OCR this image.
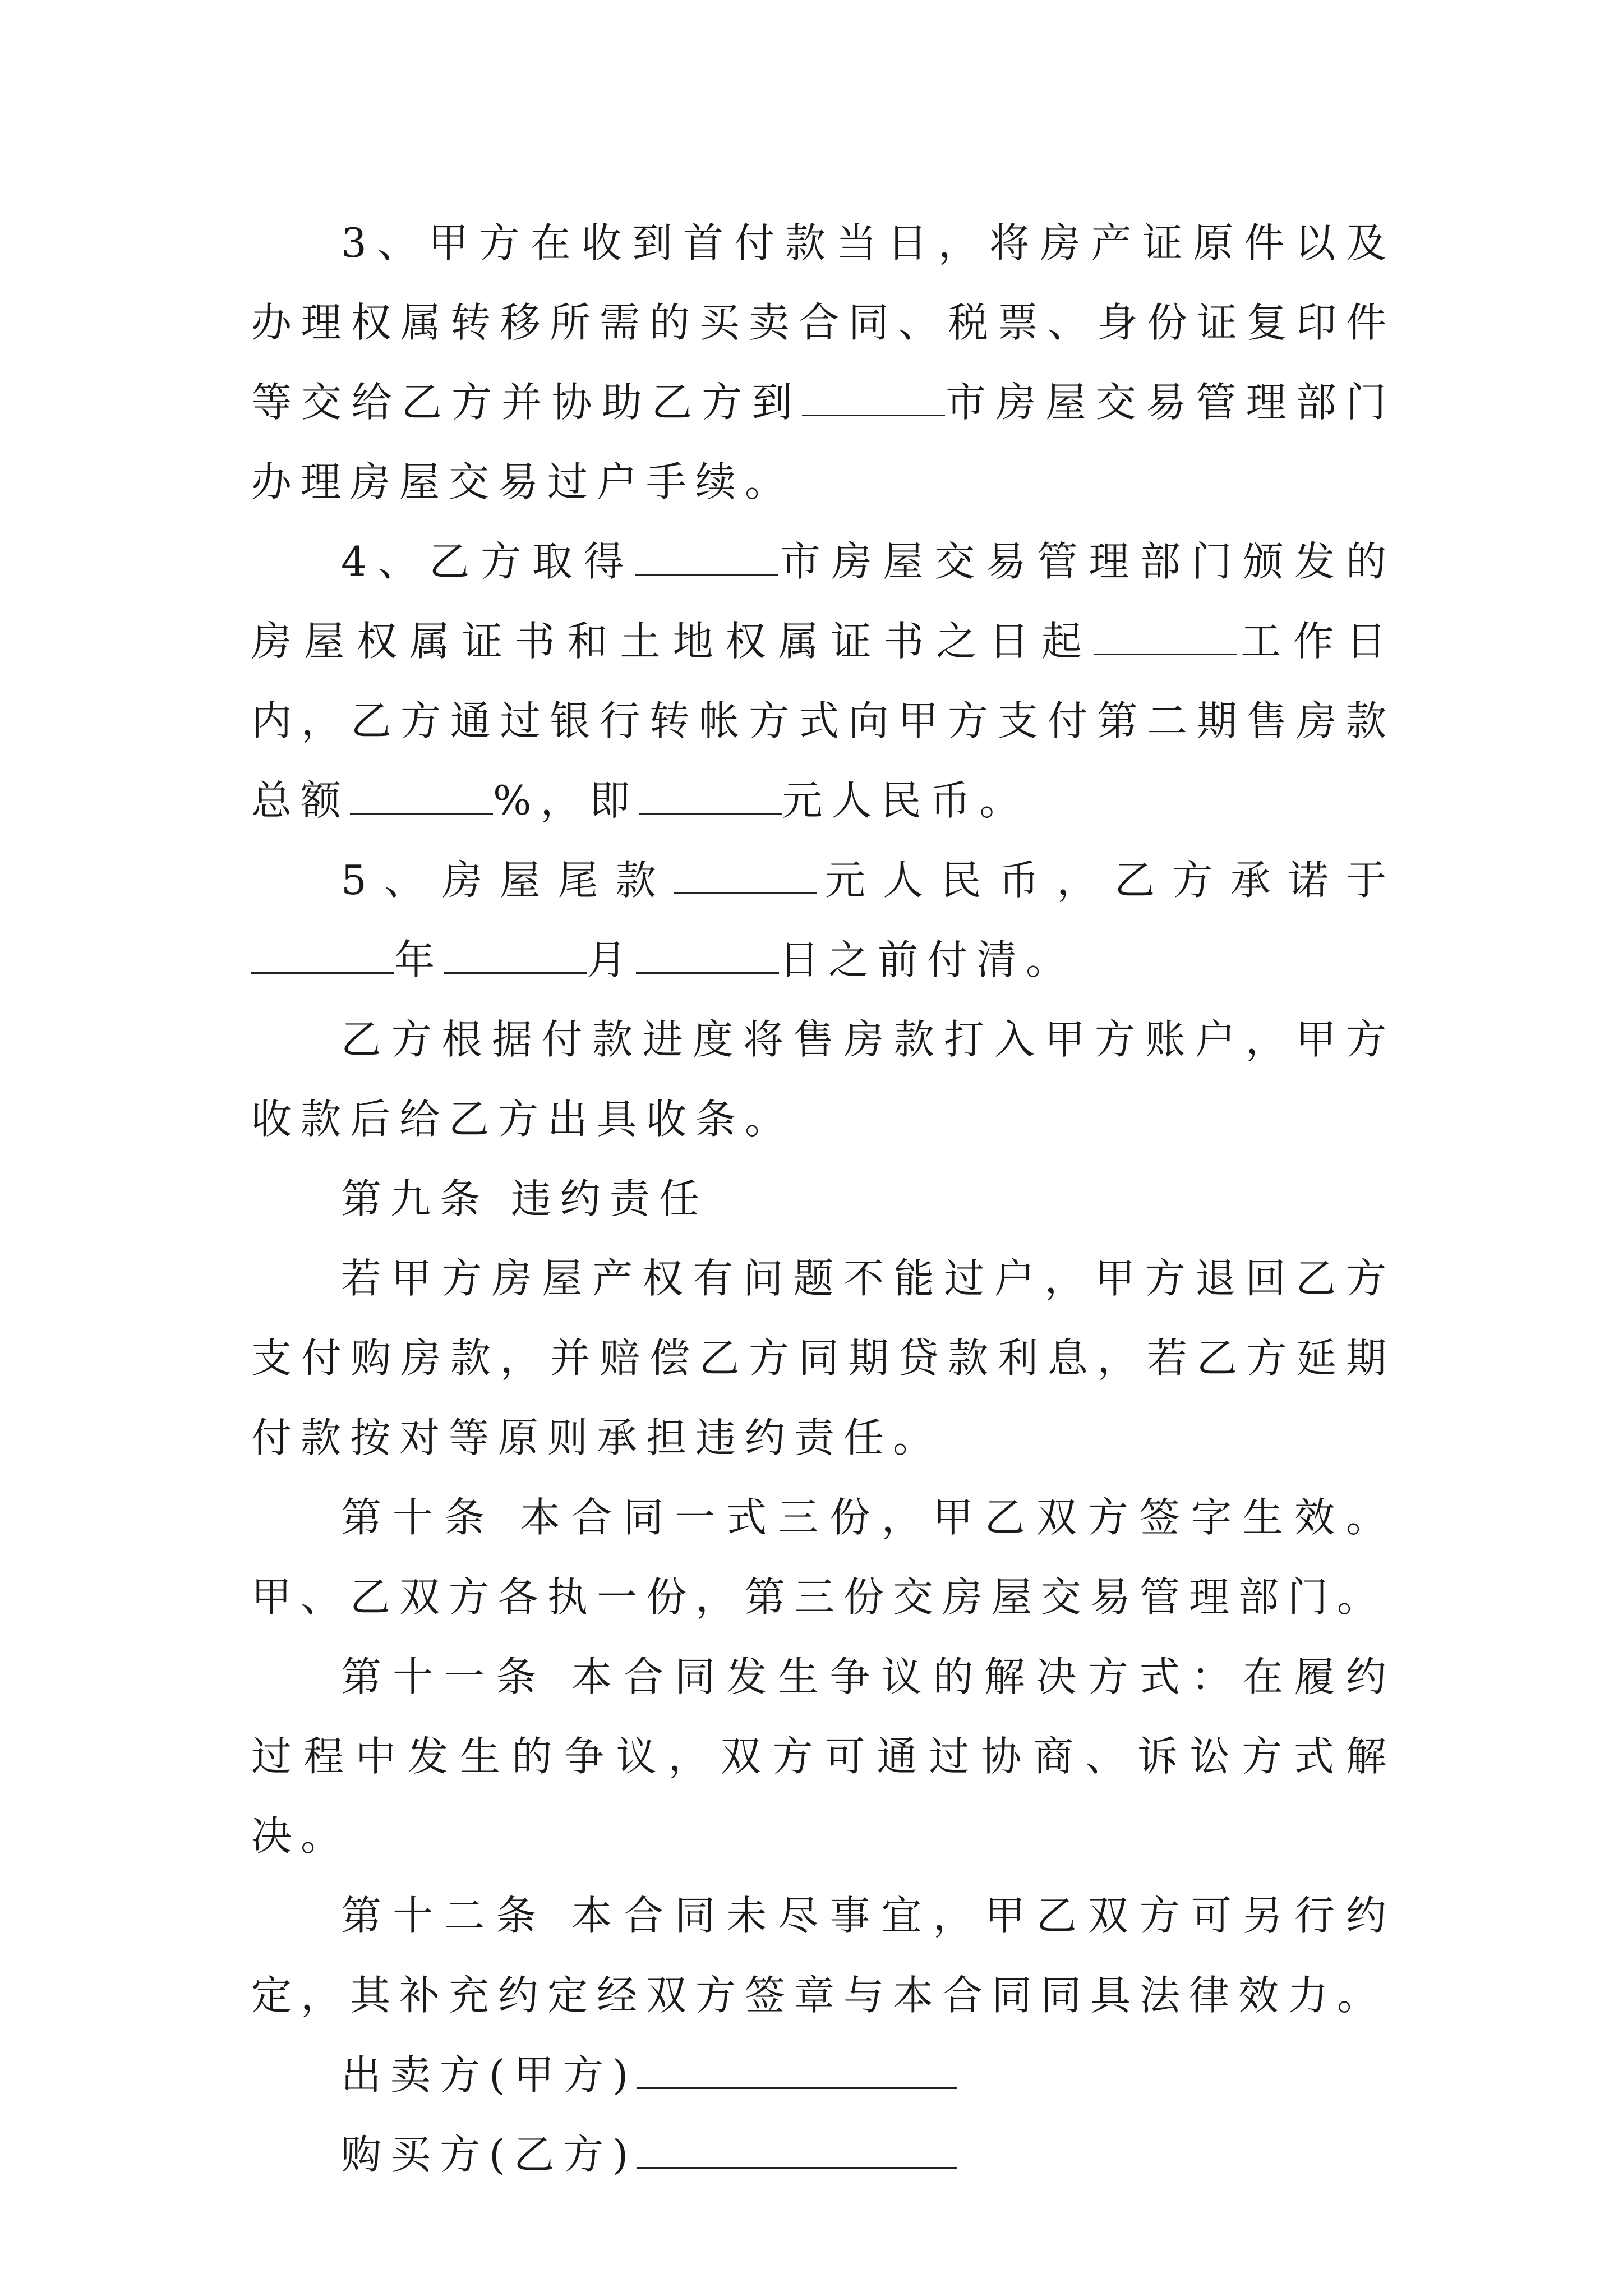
3、甲方在收到首付款当日，将房产证原件以及办理权属转移所需的买卖合同、税票、身份证复印件等交给乙方并协助乙方到	市房屋交易管理部门办理房屋交易过户手续。

4、乙方取得	市房屋交易管理部门颁发的房屋权属证书和土地权属证书之日起	工作日内，乙方通过银行转帐方式向甲方支付第二期售房款总额	%，即	元人民币。

5、房屋尾款	元人民币，乙方承诺于年	月	日之前付清。

乙方根据付款进度将售房款打入甲方账户，甲方收款后给乙方出具收条。

第九条 违约责任

若甲方房屋产权有问题不能过户，甲方退回乙方支付购房款，并赔偿乙方同期贷款利息，若乙方延期付款按对等原则承担违约责任。

第十条 本合同一式三份，甲乙双方签字生效。甲、乙双方各执一份，第三份交房屋交易管理部门。

第十一条 本合同发生争议的解决方式：在履约过程中发生的争议，双方可通过协商、诉讼方式解决。

第十二条 本合同未尽事宜，甲乙双方可另行约定，其补充约定经双方签章与本合同同具法律效力。

出卖方(甲方)

购买方(乙方)
